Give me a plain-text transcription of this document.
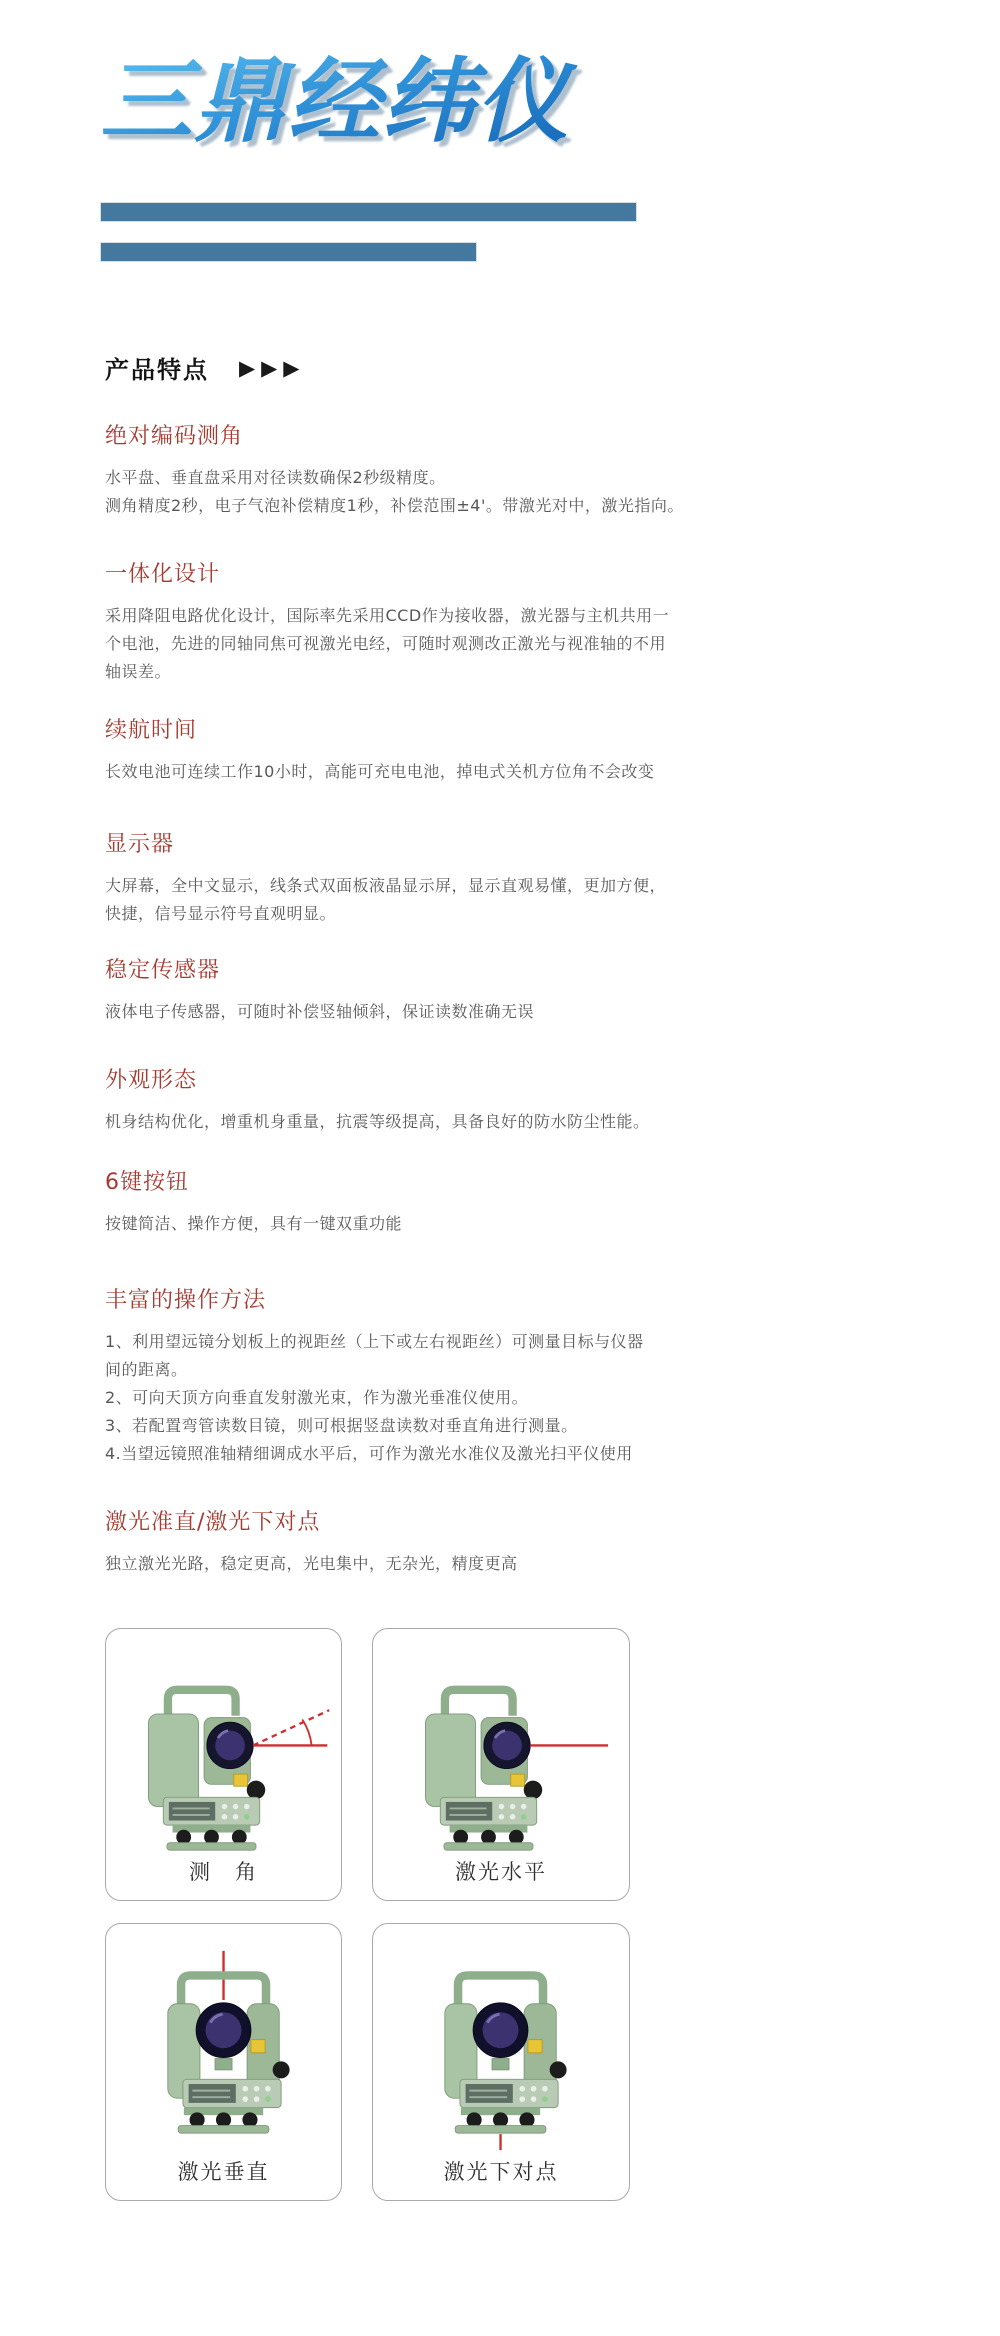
三鼎经纬仪
产品特点 ▶▶▶
绝对编码测角

水平盘、垂直盘采用对径读数确保2秒级精度。

测角精度2秒，电子气泡补偿精度1秒，补偿范围±4'。带激光对中，激光指向。

一体化设计

采用降阻电路优化设计，国际率先采用CCD作为接收器，激光器与主机共用一

个电池，先进的同轴同焦可视激光电经，可随时观测改正激光与视准轴的不用

轴误差。

续航时间

长效电池可连续工作10小时，高能可充电电池，掉电式关机方位角不会改变

显示器

大屏幕，全中文显示，线条式双面板液晶显示屏，显示直观易懂，更加方便，

快捷，信号显示符号直观明显。

稳定传感器

液体电子传感器，可随时补偿竖轴倾斜，保证读数准确无误

外观形态

机身结构优化，增重机身重量，抗震等级提高，具备良好的防水防尘性能。

6键按钮

按键简洁、操作方便，具有一键双重功能

丰富的操作方法

1、利用望远镜分划板上的视距丝（上下或左右视距丝）可测量目标与仪器

间的距离。

2、可向天顶方向垂直发射激光束，作为激光垂准仪使用。

3、若配置弯管读数目镜，则可根据竖盘读数对垂直角进行测量。

4.当望远镜照准轴精细调成水平后，可作为激光水准仪及激光扫平仪使用

激光准直/激光下对点

独立激光光路，稳定更高，光电集中，无杂光，精度更高

测　角	激光水平
激光垂直	激光下对点
